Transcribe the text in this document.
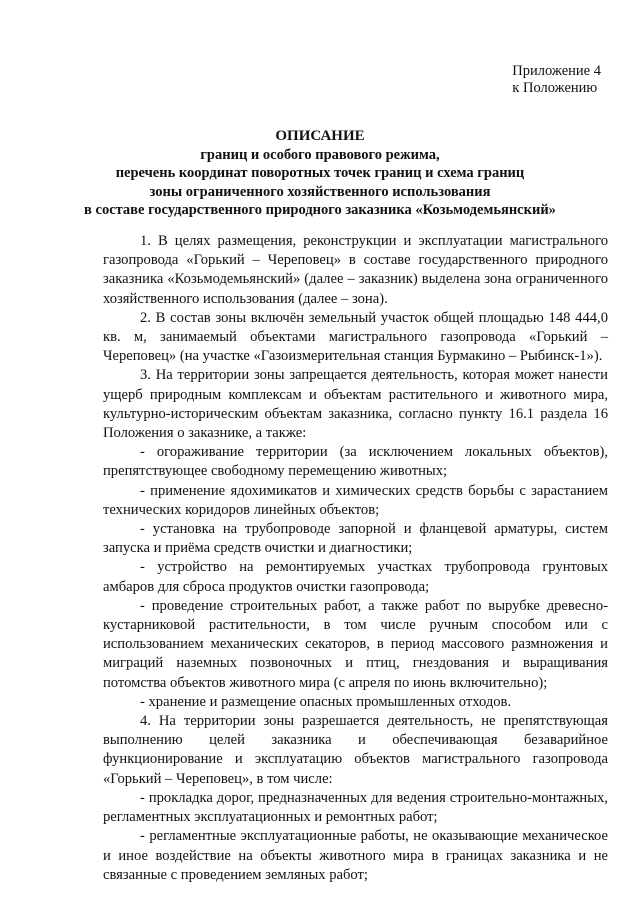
Приложение 4
к Положению
ОПИСАНИЕ
границ и особого правового режима,
перечень координат поворотных точек границ и схема границ
зоны ограниченного хозяйственного использования
в составе государственного природного заказника «Козьмодемьянский»

1. В целях размещения, реконструкции и эксплуатации магистрального газопровода «Горький – Череповец» в составе государственного природного заказника «Козьмодемьянский» (далее – заказник) выделена зона ограниченного хозяйственного использования (далее – зона).

2. В состав зоны включён земельный участок общей площадью 148 444,0 кв. м, занимаемый объектами магистрального газопровода «Горький – Череповец» (на участке «Газоизмерительная станция Бурмакино – Рыбинск-1»).

3. На территории зоны запрещается деятельность, которая может нанести ущерб природным комплексам и объектам растительного и животного мира, культурно-историческим объектам заказника, согласно пункту 16.1 раздела 16 Положения о заказнике, а также:

- огораживание территории (за исключением локальных объектов), препятствующее свободному перемещению животных;

- применение ядохимикатов и химических средств борьбы с зарастанием технических коридоров линейных объектов;

- установка на трубопроводе запорной и фланцевой арматуры, систем запуска и приёма средств очистки и диагностики;

- устройство на ремонтируемых участках трубопровода грунтовых амбаров для сброса продуктов очистки газопровода;

- проведение строительных работ, а также работ по вырубке древесно-кустарниковой растительности, в том числе ручным способом или с использованием механических секаторов, в период массового размножения и миграций наземных позвоночных и птиц, гнездования и выращивания потомства объектов животного мира (с апреля по июнь включительно);

- хранение и размещение опасных промышленных отходов.

4. На территории зоны разрешается деятельность, не препятствующая выполнению целей заказника и обеспечивающая безаварийное функционирование и эксплуатацию объектов магистрального газопровода «Горький – Череповец», в том числе:

- прокладка дорог, предназначенных для ведения строительно-монтажных, регламентных эксплуатационных и ремонтных работ;

- регламентные эксплуатационные работы, не оказывающие механическое и иное воздействие на объекты животного мира в границах заказника и не связанные с проведением земляных работ;
